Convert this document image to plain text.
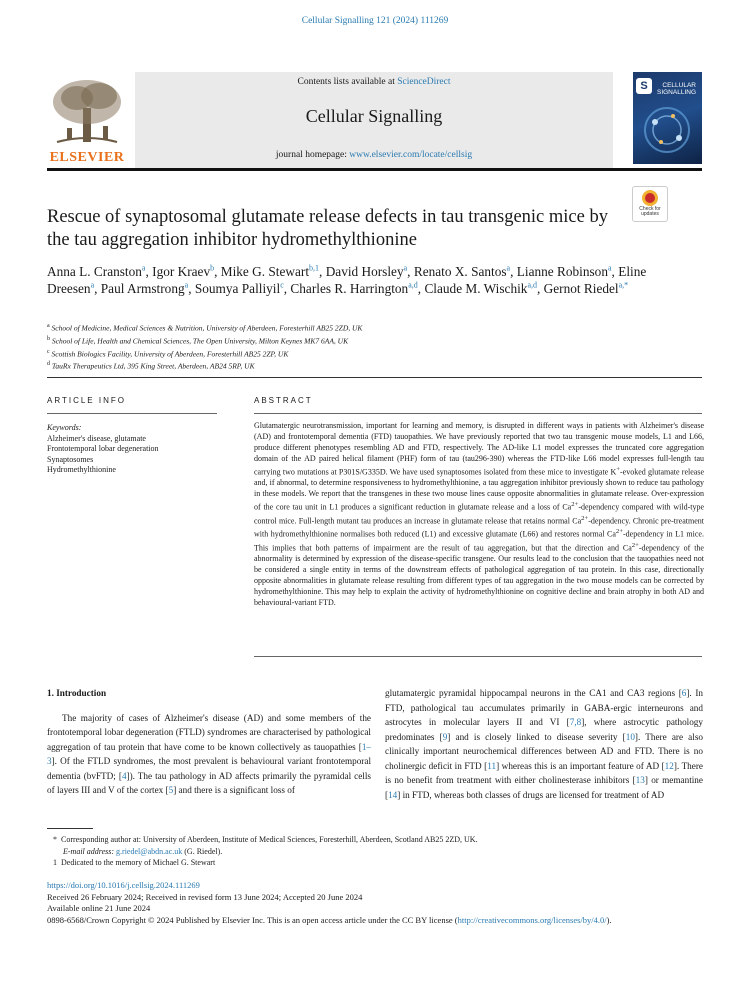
Cellular Signalling 121 (2024) 111269
ELSEVIER
Contents lists available at ScienceDirect
Cellular Signalling
journal homepage: www.elsevier.com/locate/cellsig
S	CELLULAR SIGNALLING
Rescue of synaptosomal glutamate release defects in tau transgenic mice by the tau aggregation inhibitor hydromethylthionine
Check for
updates
Anna L. Cranston$^a$, Igor Kraev$^b$, Mike G. Stewart$^{b,1}$, David Horsley$^a$, Renato X. Santos$^a$, Lianne Robinson$^a$, Eline Dreesen$^a$, Paul Armstrong$^a$, Soumya Palliyil$^c$, Charles R. Harrington$^{a,d}$, Claude M. Wischik$^{a,d}$, Gernot Riedel$^{a,*}$
$^a$ School of Medicine, Medical Sciences & Nutrition, University of Aberdeen, Foresterhill AB25 2ZD, UK
$^b$ School of Life, Health and Chemical Sciences, The Open University, Milton Keynes MK7 6AA, UK
$^c$ Scottish Biologics Facility, University of Aberdeen, Foresterhill AB25 2ZP, UK
$^d$ TauRx Therapeutics Ltd, 395 King Street, Aberdeen, AB24 5RP, UK
ARTICLE INFO	ABSTRACT
Keywords:
Alzheimer's disease, glutamate
Frontotemporal lobar degeneration
Synaptosomes
Hydromethylthionine
Glutamatergic neurotransmission, important for learning and memory, is disrupted in different ways in patients with Alzheimer's disease (AD) and frontotemporal dementia (FTD) tauopathies. We have previously reported that two tau transgenic mouse models, L1 and L66, produce different phenotypes resembling AD and FTD, respectively. The AD-like L1 model expresses the truncated core aggregation domain of the AD paired helical filament (PHF) form of tau (tau296-390) whereas the FTD-like L66 model expresses full-length tau carrying two mutations at P301S/G335D. We have used synaptosomes isolated from these mice to investigate K+-evoked glutamate release and, if abnormal, to determine responsiveness to hydromethylthionine, a tau aggregation inhibitor previously shown to reduce tau pathology in these models. We report that the transgenes in these two mouse lines cause opposite abnormalities in glutamate release. Over-expression of the core tau unit in L1 produces a significant reduction in glutamate release and a loss of $Ca^{2+}$-dependency compared with wild-type control mice. Full-length mutant tau produces an increase in glutamate release that retains normal $Ca^{2+}$-dependency. Chronic pre-treatment with hydromethylthionine normalises both reduced (L1) and excessive glutamate (L66) and restores normal $Ca^{2+}$-dependency in L1 mice. This implies that both patterns of impairment are the result of tau aggregation, but that the direction and $Ca^{2+}$-dependency of the abnormality is determined by expression of the disease-specific transgene. Our results lead to the conclusion that the tauopathies need not be considered a single entity in terms of the downstream effects of pathological aggregation of tau protein. In this case, directionally opposite abnormalities in glutamate release resulting from different types of tau aggregation in the two mouse models can be corrected by hydromethylthionine. This may help to explain the activity of hydromethylthionine on cognitive decline and brain atrophy in both AD and behavioural-variant FTD.
1. Introduction
The majority of cases of Alzheimer's disease (AD) and some members of the frontotemporal lobar degeneration (FTLD) syndromes are characterised by pathological aggregation of tau protein that have come to be known collectively as tauopathies [1–3]. Of the FTLD syndromes, the most prevalent is behavioural variant frontotemporal dementia (bvFTD; [4]). The tau pathology in AD affects primarily the pyramidal cells of layers III and V of the cortex [5] and there is a significant loss of
glutamatergic pyramidal hippocampal neurons in the CA1 and CA3 regions [6]. In FTD, pathological tau accumulates primarily in GABA-ergic interneurons and astrocytes in molecular layers II and VI [7,8], where astrocytic pathology predominates [9] and is closely linked to disease severity [10]. There are also clinically important neurochemical differences between AD and FTD. There is no cholinergic deficit in FTD [11] whereas this is an important feature of AD [12]. There is no benefit from treatment with either cholinesterase inhibitors [13] or memantine [14] in FTD, whereas both classes of drugs are licensed for treatment of AD
*  Corresponding author at: University of Aberdeen, Institute of Medical Sciences, Foresterhill, Aberdeen, Scotland AB25 2ZD, UK.
E-mail address: g.riedel@abdn.ac.uk (G. Riedel).
1  Dedicated to the memory of Michael G. Stewart
https://doi.org/10.1016/j.cellsig.2024.111269
Received 26 February 2024; Received in revised form 13 June 2024; Accepted 20 June 2024
Available online 21 June 2024
0898-6568/Crown Copyright © 2024 Published by Elsevier Inc. This is an open access article under the CC BY license (http://creativecommons.org/licenses/by/4.0/).
